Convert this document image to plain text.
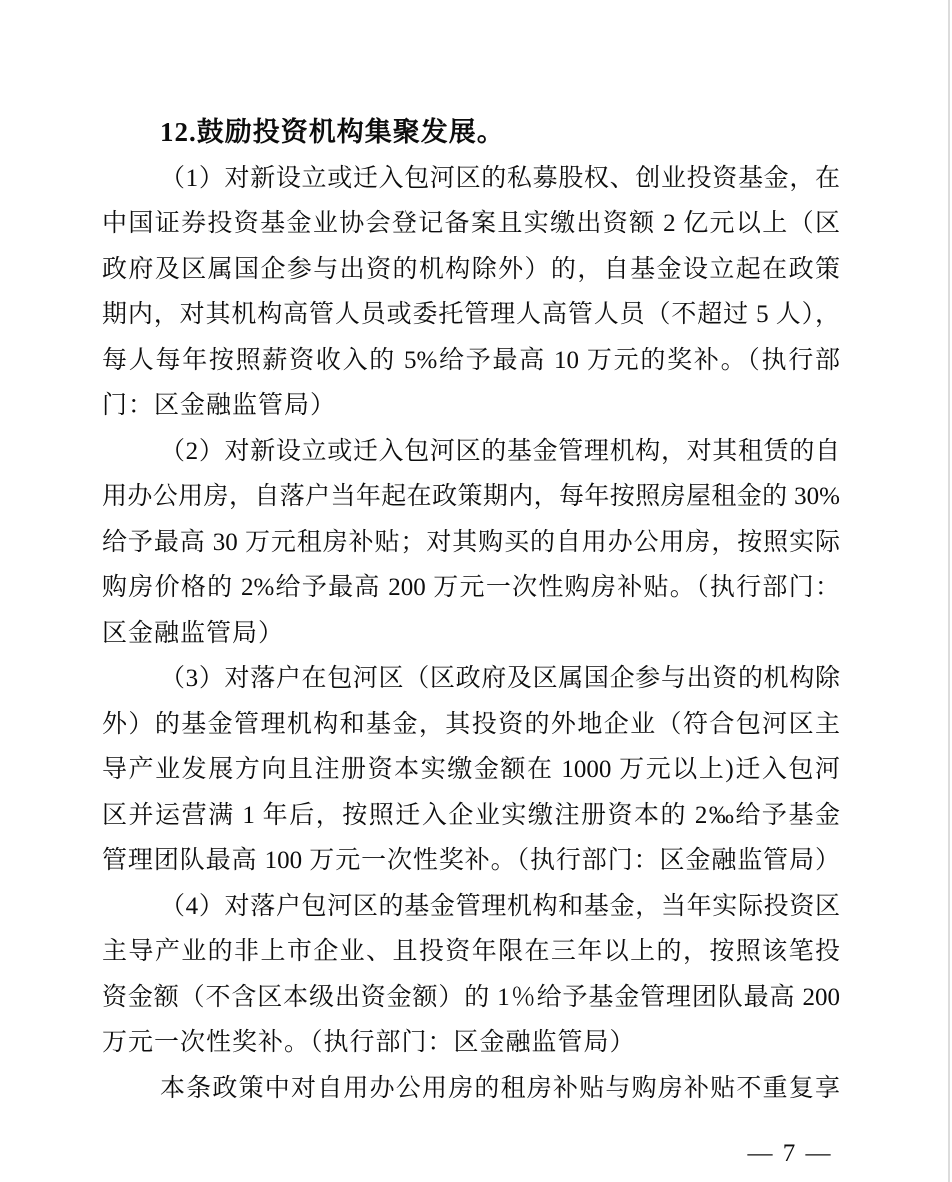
12.鼓励投资机构集聚发展。
（1）对新设立或迁入包河区的私募股权、创业投资基金，在
中国证券投资基金业协会登记备案且实缴出资额 2 亿元以上（区
政府及区属国企参与出资的机构除外）的，自基金设立起在政策
期内，对其机构高管人员或委托管理人高管人员（不超过 5 人），
每人每年按照薪资收入的 5%给予最高 10 万元的奖补。（执行部
门：区金融监管局）
（2）对新设立或迁入包河区的基金管理机构，对其租赁的自
用办公用房，自落户当年起在政策期内，每年按照房屋租金的 30%
给予最高 30 万元租房补贴；对其购买的自用办公用房，按照实际
购房价格的 2%给予最高 200 万元一次性购房补贴。（执行部门：
区金融监管局）
（3）对落户在包河区（区政府及区属国企参与出资的机构除
外）的基金管理机构和基金，其投资的外地企业（符合包河区主
导产业发展方向且注册资本实缴金额在 1000 万元以上)迁入包河
区并运营满 1 年后，按照迁入企业实缴注册资本的 2‰给予基金
管理团队最高 100 万元一次性奖补。（执行部门：区金融监管局）
（4）对落户包河区的基金管理机构和基金，当年实际投资区
主导产业的非上市企业、且投资年限在三年以上的，按照该笔投
资金额（不含区本级出资金额）的 1％给予基金管理团队最高 200
万元一次性奖补。（执行部门：区金融监管局）
本条政策中对自用办公用房的租房补贴与购房补贴不重复享
— 7 —
